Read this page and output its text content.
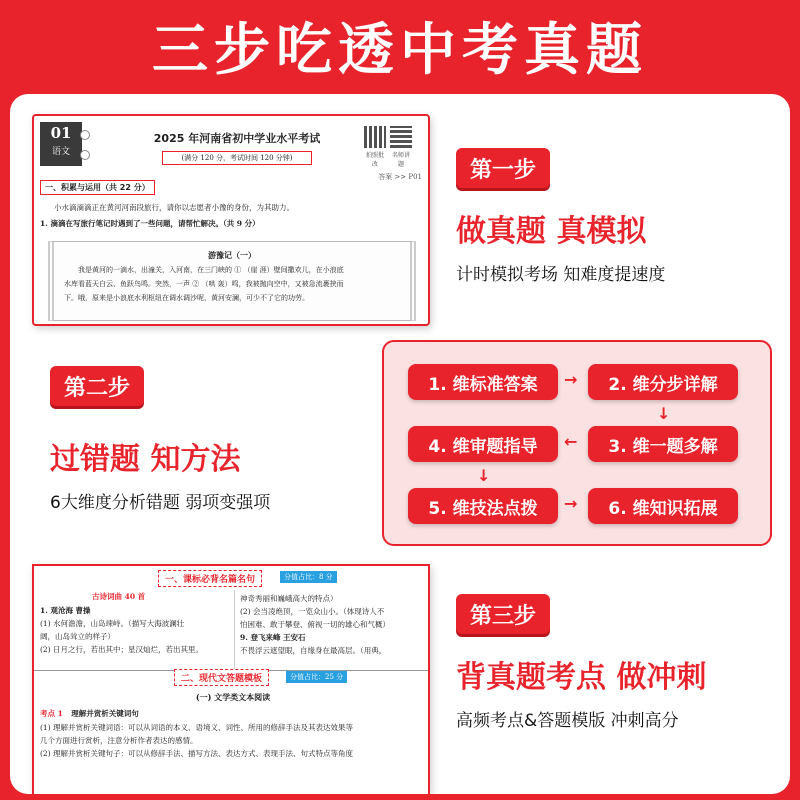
三步吃透中考真题
01
语文
2025 年河南省初中学业水平考试
(满分 120 分，考试时间 120 分钟)	拍照批改
名师讲题
答案 >> P01
一、积累与运用（共 22 分）
小水滴滴滴正在黄河河南段旅行，请你以志愿者小豫的身份，为其助力。
1. 滴滴在写旅行笔记时遇到了一些问题，请帮忙解决。（共 9 分）
游豫记（一）
我是黄河的一滴水，出潼关，入河南，在三门峡的 ① （崖 涯）壁间撒欢儿，在小浪底
水库看蓝天白云、鱼跃鸟鸣。突然，一声 ② （哄 轰）鸣，我被抛向空中，又被急流裹挟而
下。哦，原来是小浪底水利枢纽在调水调沙呢，黄河安澜，可少不了它的功劳。
第一步
做真题 真模拟
计时模拟考场 知难度提速度
第二步
过错题 知方法
6大维度分析错题 弱项变强项
1. 维标准答案	→	2. 维分步详解
↓
3. 维一题多解
←
4. 维审题指导
↓
5. 维技法点拨	→	6. 维知识拓展
一、课标必背名篇名句	分值占比：8 分
古诗词曲 40 首
1. 观沧海 曹操
(1) 水何澹澹，山岛竦峙。（描写大海波澜壮
阔，山岛耸立的样子）
(2) 日月之行，若出其中；星汉灿烂，若出其里。
神奇秀丽和巍峨高大的特点）
(2) 会当凌绝顶，一览众山小。（体现诗人不
怕困难、敢于攀登、俯视一切的雄心和气概）
9. 登飞来峰 王安石
不畏浮云遮望眼，自缘身在最高层。（用典，
二、现代文答题模板	分值占比：25 分
(一) 文学类文本阅读
考点 1 理解并赏析关键词句
(1) 理解并赏析关键词语：可以从词语的本义、语境义、词性、所用的修辞手法及其表达效果等
几个方面进行赏析，注意分析作者表达的感情。
(2) 理解并赏析关键句子：可以从修辞手法、描写方法、表达方式、表现手法、句式特点等角度
第三步
背真题考点 做冲刺
高频考点&答题模版 冲刺高分
